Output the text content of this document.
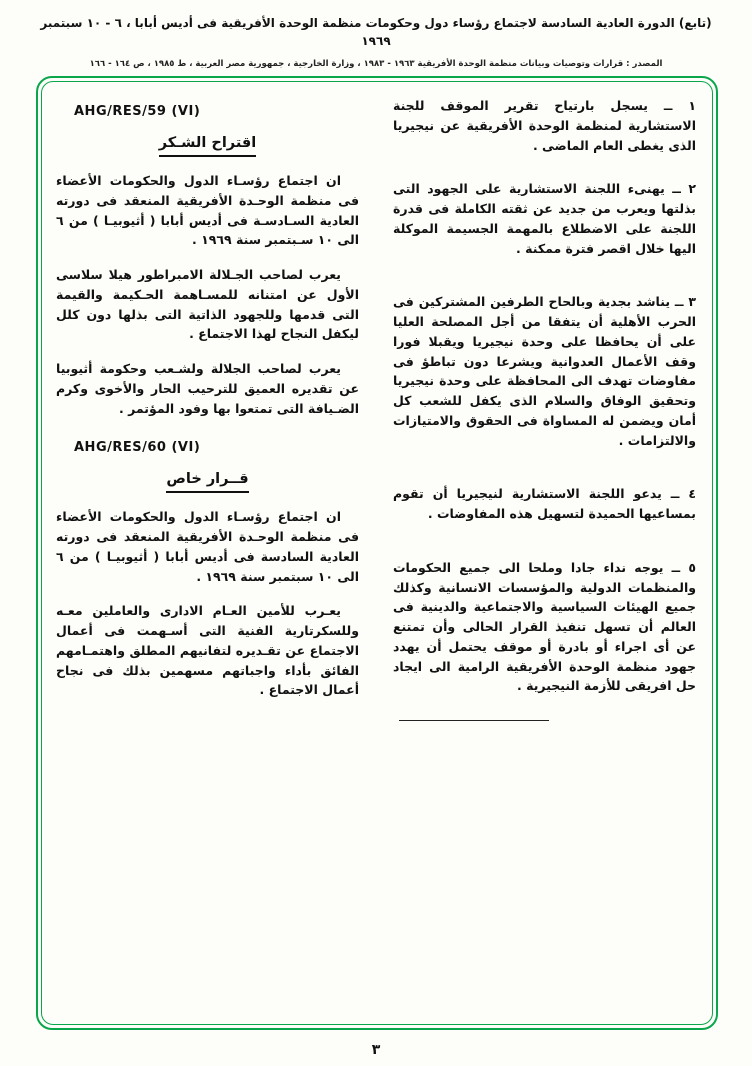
(تابع) الدورة العادية السادسة لاجتماع رؤساء دول وحكومات منظمة الوحدة الأفريقية فى أديس أبابا ، ٦ - ١٠ سبتمبر ١٩٦٩
المصدر : قرارات وتوصيات وبيانات منظمة الوحدة الأفريقية ١٩٦٣ - ١٩٨٣ ، وزارة الخارجية ، جمهورية مصر العربية ، ط ١٩٨٥ ، ص ١٦٤ - ١٦٦

١ ــ يسجل بارتياح تقرير الموقف للجنة الاستشارية لمنظمة الوحدة الأفريقية عن نيجيريا الذى يغطى العام الماضى .

٢ ــ يهنىء اللجنة الاستشارية على الجهود التى بذلتها ويعرب من جديد عن ثقته الكاملة فى قدرة اللجنة على الاضطلاع بالمهمة الجسيمة الموكلة اليها خلال اقصر فترة ممكنة .

٣ ــ يناشد بجدية وبالحاح الطرفين المشتركين فى الحرب الأهلية أن يتفقا من أجل المصلحة العليا على أن يحافظا على وحدة نيجيريا ويقبلا فورا وقف الأعمال العدوانية ويشرعا دون تباطؤ فى مفاوضات تهدف الى المحافظة على وحدة نيجيريا وتحقيق الوفاق والسلام الذى يكفل للشعب كل أمان ويضمن له المساواة فى الحقوق والامتيازات والالتزامات .

٤ ــ يدعو اللجنة الاستشارية لنيجيريا أن تقوم بمساعيها الحميدة لتسهيل هذه المفاوضات .

٥ ــ يوجه نداء جادا وملحا الى جميع الحكومات والمنظمات الدولية والمؤسسات الانسانية وكذلك جميع الهيئات السياسية والاجتماعية والدينية فى العالم أن تسهل تنفيذ القرار الحالى وأن تمتنع عن أى اجراء أو بادرة أو موقف يحتمل أن يهدد جهود منظمة الوحدة الأفريقية الرامية الى ايجاد حل افريقى للأزمة النيجيرية .

AHG/RES/59 (VI)
اقتراح الشـكر

ان اجتماع رؤسـاء الدول والحكومات الأعضاء فى منظمة الوحـدة الأفريقية المنعقد فى دورته العادية السـادسـة فى أديس أبابا ( أثيوبيـا ) من ٦ الى ١٠ سـبتمبر سنة ١٩٦٩ .

يعرب لصاحب الجـلالة الامبراطور هيلا سلاسى الأول عن امتنانه للمسـاهمة الحـكيمة والقيمة التى قدمها وللجهود الذاتية التى بذلها دون كلل ليكفل النجاح لهذا الاجتماع .

يعرب لصاحب الجلالة ولشـعب وحكومة أثيوبيا عن تقديره العميق للترحيب الحار والأخوى وكرم الضـيافة التى تمتعوا بها وفود المؤتمر .

AHG/RES/60 (VI)
قــرار خاص

ان اجتماع رؤسـاء الدول والحكومات الأعضاء فى منظمة الوحـدة الأفريقية المنعقد فى دورته العادية السادسة فى أديس أبابا ( أثيوبيـا ) من ٦ الى ١٠ سبتمبر سنة ١٩٦٩ .

يعـرب للأمين العـام الادارى والعاملين معـه وللسكرتارية الفنية التى أسـهمت فى أعمال الاجتماع عن تقـديره لتفانيهم المطلق واهتمـامهم الفائق بأداء واجباتهم مسهمين بذلك فى نجاح أعمال الاجتماع .

٣
